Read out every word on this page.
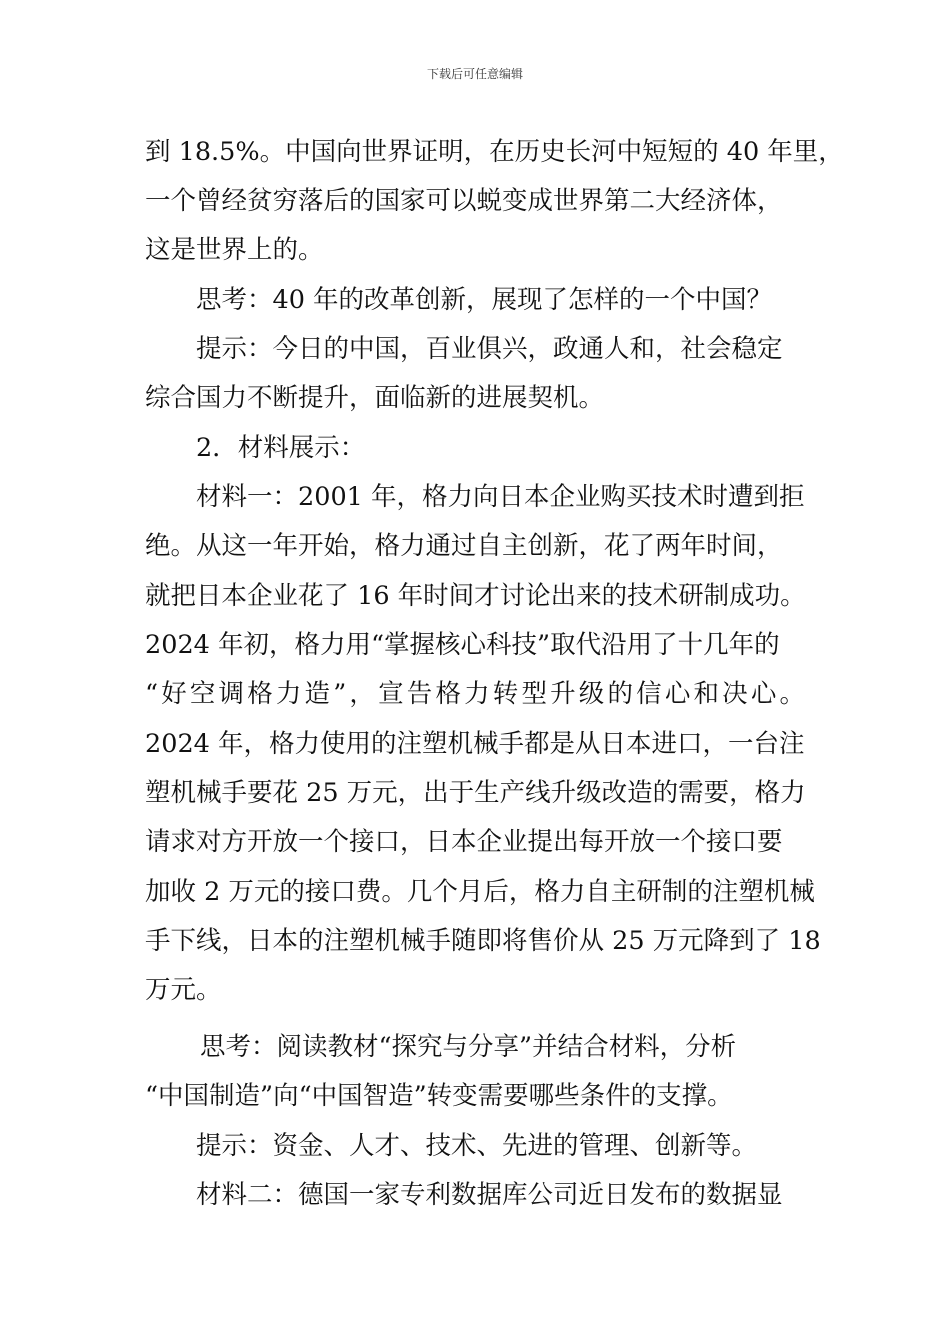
下载后可任意编辑
到 18.5%。中国向世界证明，在历史长河中短短的 40 年里，
一个曾经贫穷落后的国家可以蜕变成世界第二大经济体，
这是世界上的。
思考：40 年的改革创新，展现了怎样的一个中国？
提示：今日的中国，百业俱兴，政通人和，社会稳定
综合国力不断提升，面临新的进展契机。
2．材料展示：
材料一：2001 年，格力向日本企业购买技术时遭到拒
绝。从这一年开始，格力通过自主创新，花了两年时间，
就把日本企业花了 16 年时间才讨论出来的技术研制成功。
2024 年初，格力用“掌握核心科技”取代沿用了十几年的
“好空调格力造”，宣告格力转型升级的信心和决心。
2024 年，格力使用的注塑机械手都是从日本进口，一台注
塑机械手要花 25 万元，出于生产线升级改造的需要，格力
请求对方开放一个接口，日本企业提出每开放一个接口要
加收 2 万元的接口费。几个月后，格力自主研制的注塑机械
手下线，日本的注塑机械手随即将售价从 25 万元降到了 18
万元。
思考：阅读教材“探究与分享”并结合材料，分析
“中国制造”向“中国智造”转变需要哪些条件的支撑。
提示：资金、人才、技术、先进的管理、创新等。
材料二：德国一家专利数据库公司近日发布的数据显
